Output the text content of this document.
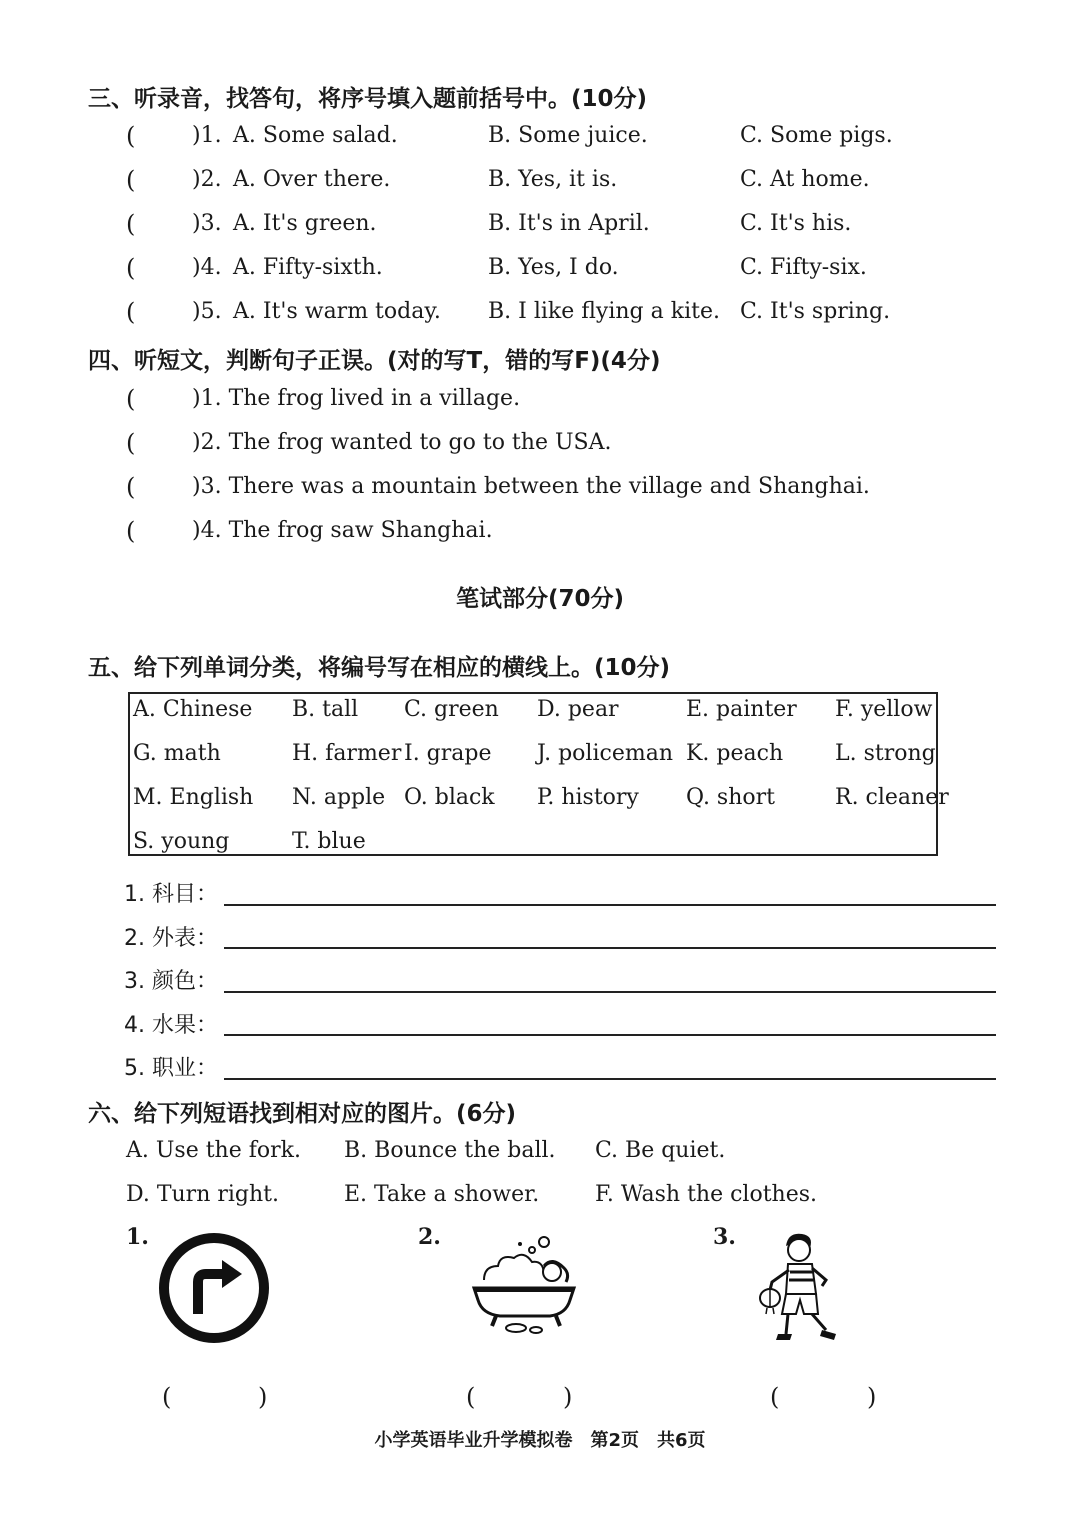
三、听录音，找答句，将序号填入题前括号中。(10分)
(	)1. A. Some salad.	B. Some juice.	C. Some pigs.
(	)2. A. Over there.	B. Yes, it is.	C. At home.
(	)3. A. It's green.	B. It's in April.	C. It's his.
(	)4. A. Fifty-sixth.	B. Yes, I do.	C. Fifty-six.
(	)5. A. It's warm today. B. I like flying a kite. C. It's spring.
四、听短文，判断句子正误。(对的写T，错的写F)(4分)
(	)1. The frog lived in a village.
(	)2. The frog wanted to go to the USA.
(	)3. There was a mountain between the village and Shanghai.
(	)4. The frog saw Shanghai.
笔试部分(70分)
五、给下列单词分类，将编号写在相应的横线上。(10分)
A. Chinese B. tall C. green D. pear	E. painter F. yellow
G. math	H. farmer I. grape J. policeman K. peach L. strong
M. English N. apple O. black P. history Q. short	R. cleaner
S. young	T. blue
1. 科目：
2. 外表：
3. 颜色：
4. 水果：
5. 职业：
六、给下列短语找到相对应的图片。(6分)
A. Use the fork. B. Bounce the ball. C. Be quiet.
D. Turn right.	E. Take a shower.	F. Wash the clothes.
1.	2.	3.
(	)	(	)	(	)
小学英语毕业升学模拟卷　第2页　共6页
